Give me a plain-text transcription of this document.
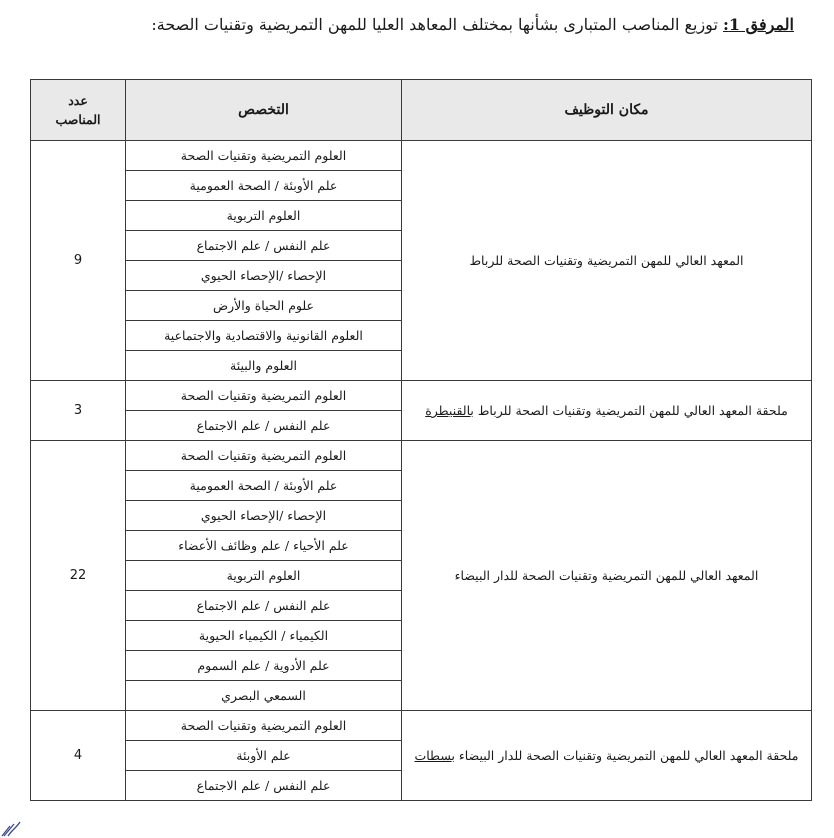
المرفق 1: توزيع المناصب المتبارى بشأنها بمختلف المعاهد العليا للمهن التمريضية وتقنيات الصحة:
مكان التوظيف	التخصص	عدد
المناصب
المعهد العالي للمهن التمريضية وتقنيات الصحة للرباط	العلوم التمريضية وتقنيات الصحة	9
	علم الأوبئة / الصحة العمومية	
	العلوم التربوية	
	علم النفس / علم الاجتماع	
	الإحصاء /الإحصاء الحيوي	
	علوم الحياة والأرض	
	العلوم القانونية والاقتصادية والاجتماعية	
	العلوم والبيئة	
ملحقة المعهد العالي للمهن التمريضية وتقنيات الصحة للرباط بالقنيطرة	العلوم التمريضية وتقنيات الصحة	3
	علم النفس / علم الاجتماع	
المعهد العالي للمهن التمريضية وتقنيات الصحة للدار البيضاء	العلوم التمريضية وتقنيات الصحة	22
	علم الأوبئة / الصحة العمومية	
	الإحصاء /الإحصاء الحيوي	
	علم الأحياء / علم وظائف الأعضاء	
	العلوم التربوية	
	علم النفس / علم الاجتماع	
	الكيمياء / الكيمياء الحيوية	
	علم الأدوية / علم السموم	
	السمعي البصري	
ملحقة المعهد العالي للمهن التمريضية وتقنيات الصحة للدار البيضاء بسطات	العلوم التمريضية وتقنيات الصحة	4
	علم الأوبئة	
	علم النفس / علم الاجتماع	
